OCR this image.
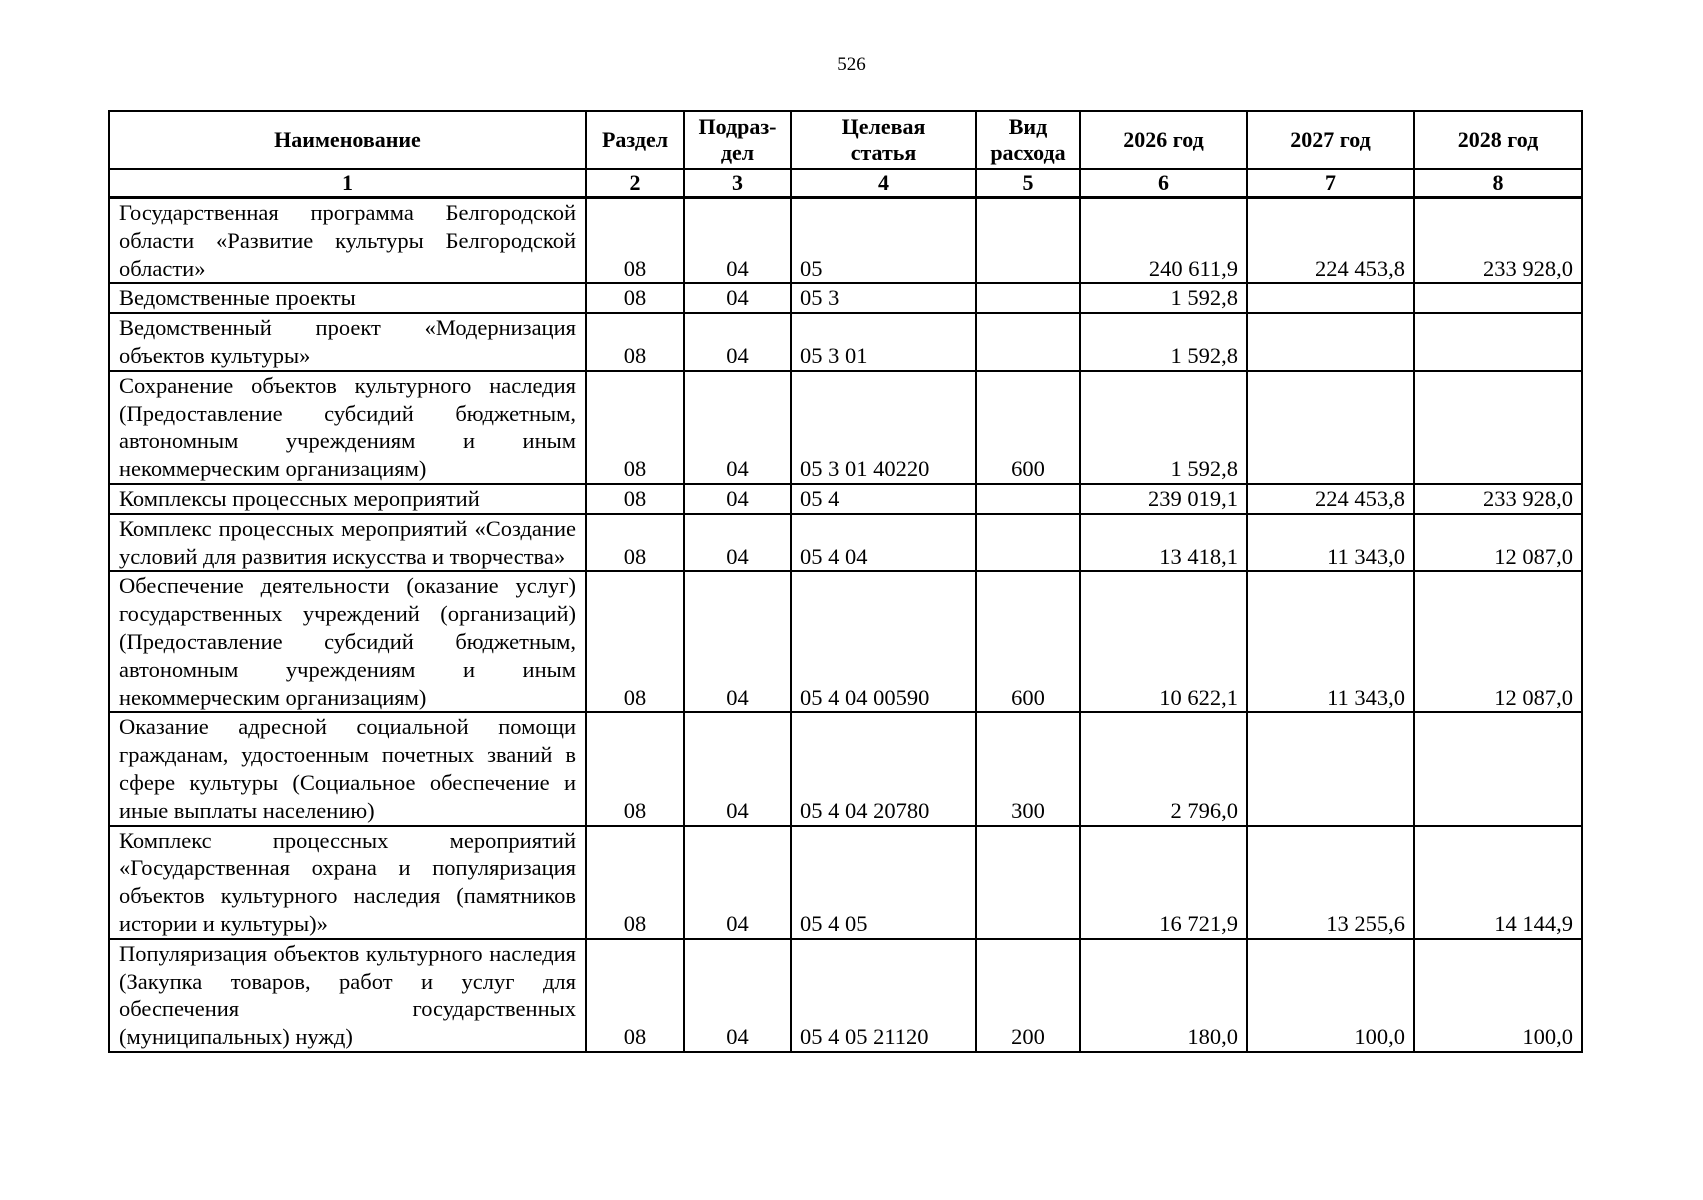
526
Наименование	Раздел	Подраз-дел	Целевая статья	Вид расхода	2026 год	2027 год	2028 год
1	2	3	4	5	6	7	8
Государственная программа Белгородской области «Развитие культуры Белгородской области»	08	04	05		240 611,9	224 453,8	233 928,0
Ведомственные проекты	08	04	05 3		1 592,8		
Ведомственный проект «Модернизация объектов культуры»	08	04	05 3 01		1 592,8		
Сохранение объектов культурного наследия (Предоставление субсидий бюджетным, автономным учреждениям и иным некоммерческим организациям)	08	04	05 3 01 40220	600	1 592,8		
Комплексы процессных мероприятий	08	04	05 4		239 019,1	224 453,8	233 928,0
Комплекс процессных мероприятий «Создание условий для развития искусства и творчества»	08	04	05 4 04		13 418,1	11 343,0	12 087,0
Обеспечение деятельности (оказание услуг) государственных учреждений (организаций) (Предоставление субсидий бюджетным, автономным учреждениям и иным некоммерческим организациям)	08	04	05 4 04 00590	600	10 622,1	11 343,0	12 087,0
Оказание адресной социальной помощи гражданам, удостоенным почетных званий в сфере культуры (Социальное обеспечение и иные выплаты населению)	08	04	05 4 04 20780	300	2 796,0		
Комплекс процессных мероприятий «Государственная охрана и популяризация объектов культурного наследия (памятников истории и культуры)»	08	04	05 4 05		16 721,9	13 255,6	14 144,9
Популяризация объектов культурного наследия (Закупка товаров, работ и услуг для обеспечения государственных (муниципальных) нужд)	08	04	05 4 05 21120	200	180,0	100,0	100,0
